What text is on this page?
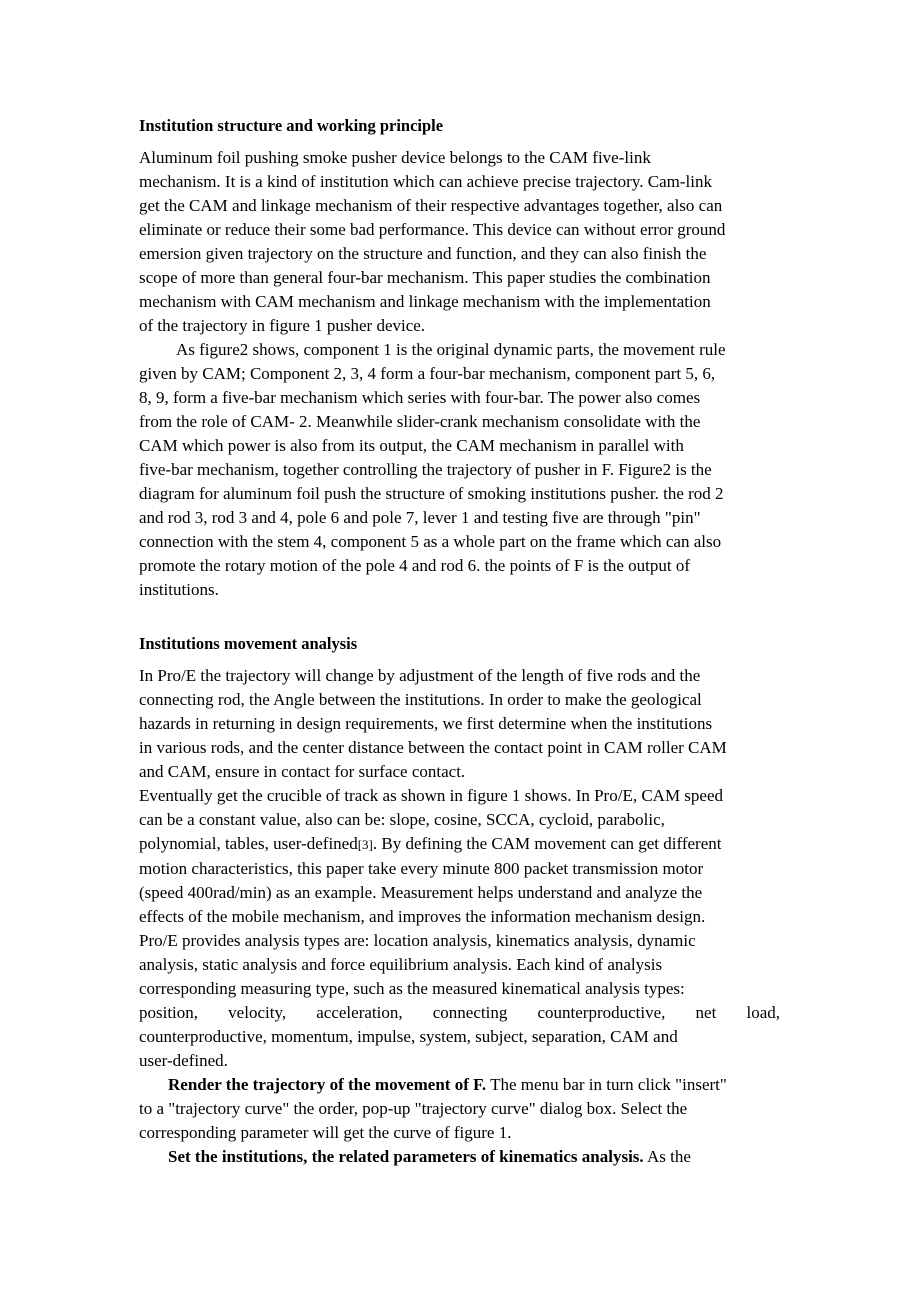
Institution structure and working principle

Aluminum foil pushing smoke pusher device belongs to the CAM five-link

mechanism. It is a kind of institution which can achieve precise trajectory. Cam-link

get the CAM and linkage mechanism of their respective advantages together, also can

eliminate or reduce their some bad performance. This device can without error ground

emersion given trajectory on the structure and function, and they can also finish the

scope of more than general four-bar mechanism. This paper studies the combination

mechanism with CAM mechanism and linkage mechanism with the implementation

of the trajectory in figure 1 pusher device.

As figure2 shows, component 1 is the original dynamic parts, the movement rule

given by CAM; Component 2, 3, 4 form a four-bar mechanism, component part 5, 6,

8, 9, form a five-bar mechanism which series with four-bar. The power also comes

from the role of CAM- 2. Meanwhile slider-crank mechanism consolidate with the

CAM which power is also from its output, the CAM mechanism in parallel with

five-bar mechanism, together controlling the trajectory of pusher in F. Figure2 is the

diagram for aluminum foil push the structure of smoking institutions pusher. the rod 2

and rod 3, rod 3 and 4, pole 6 and pole 7, lever 1 and testing five are through "pin"

connection with the stem 4, component 5 as a whole part on the frame which can also

promote the rotary motion of the pole 4 and rod 6. the points of F is the output of

institutions.

Institutions movement analysis

In Pro/E the trajectory will change by adjustment of the length of five rods and the

connecting rod, the Angle between the institutions. In order to make the geological

hazards in returning in design requirements, we first determine when the institutions

in various rods, and the center distance between the contact point in CAM roller CAM

and CAM, ensure in contact for surface contact.

Eventually get the crucible of track as shown in figure 1 shows. In Pro/E, CAM speed

can be a constant value, also can be: slope, cosine, SCCA, cycloid, parabolic,

polynomial, tables, user-defined[3]. By defining the CAM movement can get different

motion characteristics, this paper take every minute 800 packet transmission motor

(speed 400rad/min) as an example. Measurement helps understand and analyze the

effects of the mobile mechanism, and improves the information mechanism design.

Pro/E provides analysis types are: location analysis, kinematics analysis, dynamic

analysis, static analysis and force equilibrium analysis. Each kind of analysis

corresponding measuring type, such as the measured kinematical analysis types:

position, velocity, acceleration, connecting counterproductive, net load,

counterproductive, momentum, impulse, system, subject, separation, CAM and

user-defined.

Render the trajectory of the movement of F. The menu bar in turn click "insert"

to a "trajectory curve" the order, pop-up "trajectory curve" dialog box. Select the

corresponding parameter will get the curve of figure 1.

Set the institutions, the related parameters of kinematics analysis. As the
